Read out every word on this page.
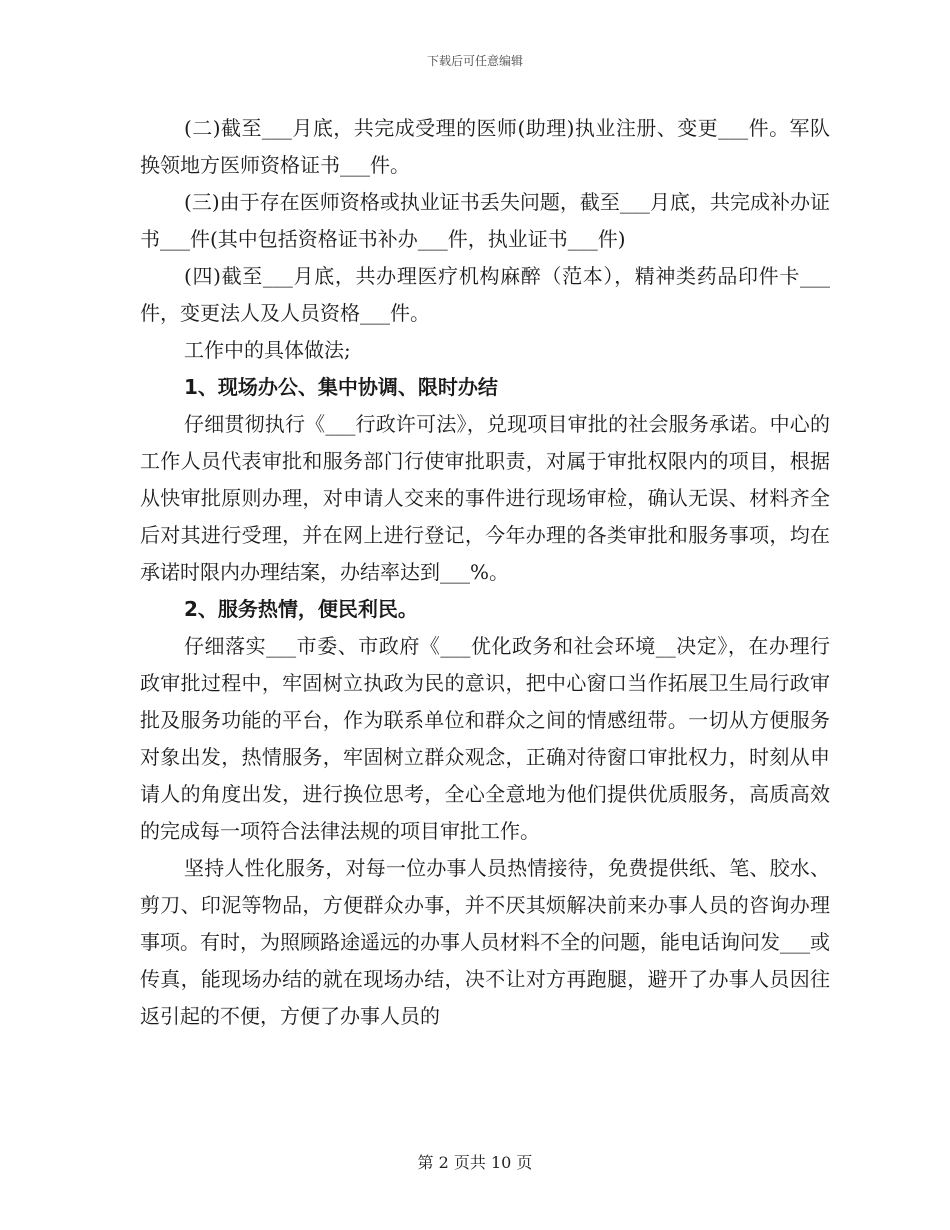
下载后可任意编辑

(二)截至___月底，共完成受理的医师(助理)执业注册、变更___件。军队换领地方医师资格证书___件。

(三)由于存在医师资格或执业证书丢失问题，截至___月底，共完成补办证书___件(其中包括资格证书补办___件，执业证书___件)

(四)截至___月底，共办理医疗机构麻醉（范本），精神类药品印件卡___件，变更法人及人员资格___件。

工作中的具体做法;

1、现场办公、集中协调、限时办结

仔细贯彻执行《___行政许可法》，兑现项目审批的社会服务承诺。中心的工作人员代表审批和服务部门行使审批职责，对属于审批权限内的项目，根据从快审批原则办理，对申请人交来的事件进行现场审检，确认无误、材料齐全后对其进行受理，并在网上进行登记，今年办理的各类审批和服务事项，均在承诺时限内办理结案，办结率达到___%。

2、服务热情，便民利民。

仔细落实___市委、市政府《___优化政务和社会环境__决定》，在办理行政审批过程中，牢固树立执政为民的意识，把中心窗口当作拓展卫生局行政审批及服务功能的平台，作为联系单位和群众之间的情感纽带。一切从方便服务对象出发，热情服务，牢固树立群众观念，正确对待窗口审批权力，时刻从申请人的角度出发，进行换位思考，全心全意地为他们提供优质服务，高质高效的完成每一项符合法律法规的项目审批工作。

坚持人性化服务，对每一位办事人员热情接待，免费提供纸、笔、胶水、剪刀、印泥等物品，方便群众办事，并不厌其烦解决前来办事人员的咨询办理事项。有时，为照顾路途遥远的办事人员材料不全的问题，能电话询问发___或传真，能现场办结的就在现场办结，决不让对方再跑腿，避开了办事人员因往返引起的不便，方便了办事人员的

第 2 页共 10 页
